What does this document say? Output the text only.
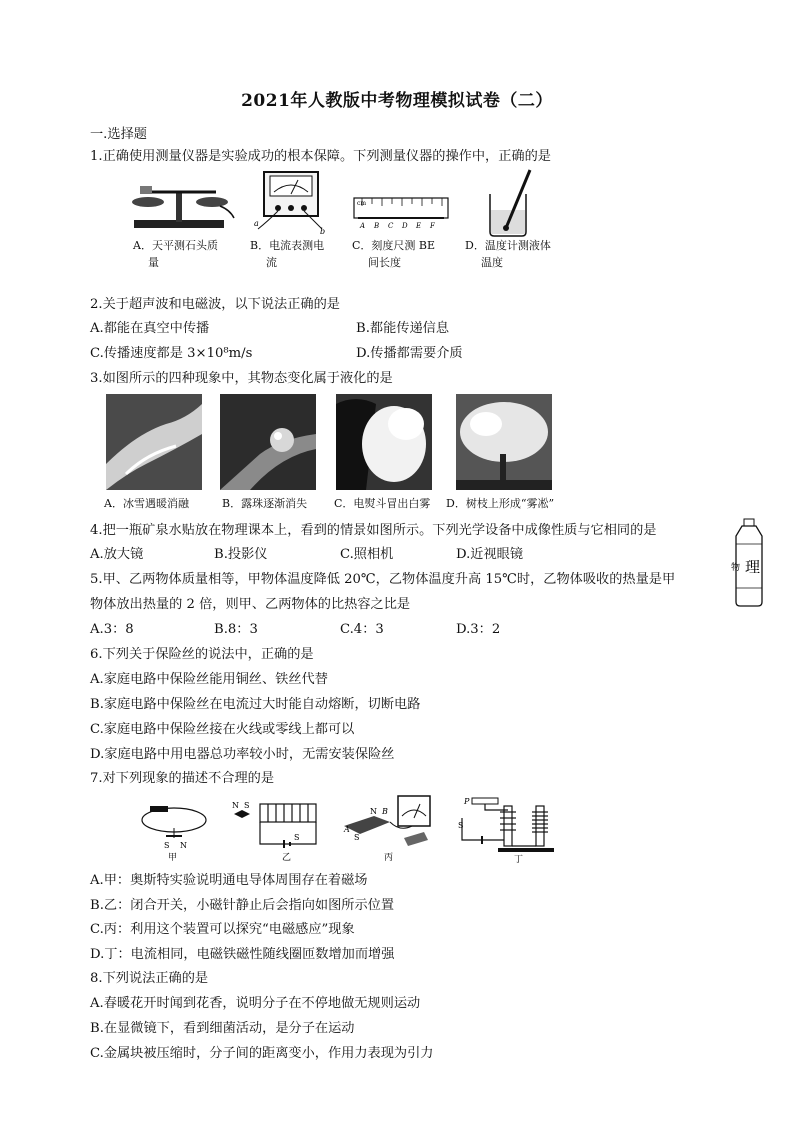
2021年人教版中考物理模拟试卷（二）
一.选择题
1.正确使用测量仪器是实验成功的根本保障。下列测量仪器的操作中，正确的是
a
b
cm
A B C D E F
A．天平测石头质
量
B．电流表测电
流
C．刻度尺测 BE
间长度
D．温度计测液体
温度
2.关于超声波和电磁波，以下说法正确的是
A.都能在真空中传播	B.都能传递信息
C.传播速度都是 3×10⁸m/s	D.传播都需要介质
3.如图所示的四种现象中，其物态变化属于液化的是
A．冰雪遇暖消融	B．露珠逐渐消失 C．电熨斗冒出白雾 D．树枝上形成“雾凇”
4.把一瓶矿泉水贴放在物理课本上，看到的情景如图所示。下列光学设备中成像性质与它相同的是
A.放大镜	B.投影仪	C.照相机	D.近视眼镜
物 理
5.甲、乙两物体质量相等，甲物体温度降低 20℃，乙物体温度升高 15℃时，乙物体吸收的热量是甲
物体放出热量的 2 倍，则甲、乙两物体的比热容之比是
A.3：8	B.8：3	C.4：3	D.3：2
6.下列关于保险丝的说法中，正确的是
A.家庭电路中保险丝能用铜丝、铁丝代替
B.家庭电路中保险丝在电流过大时能自动熔断，切断电路
C.家庭电路中保险丝接在火线或零线上都可以
D.家庭电路中用电器总功率较小时，无需安装保险丝
7.对下列现象的描述不合理的是
S N
甲
N S
S
乙
N B
S
A
丙
P
S
丁
A.甲：奥斯特实验说明通电导体周围存在着磁场
B.乙：闭合开关，小磁针静止后会指向如图所示位置
C.丙：利用这个装置可以探究“电磁感应”现象
D.丁：电流相同，电磁铁磁性随线圈匝数增加而增强
8.下列说法正确的是
A.春暖花开时闻到花香，说明分子在不停地做无规则运动
B.在显微镜下，看到细菌活动，是分子在运动
C.金属块被压缩时，分子间的距离变小，作用力表现为引力
